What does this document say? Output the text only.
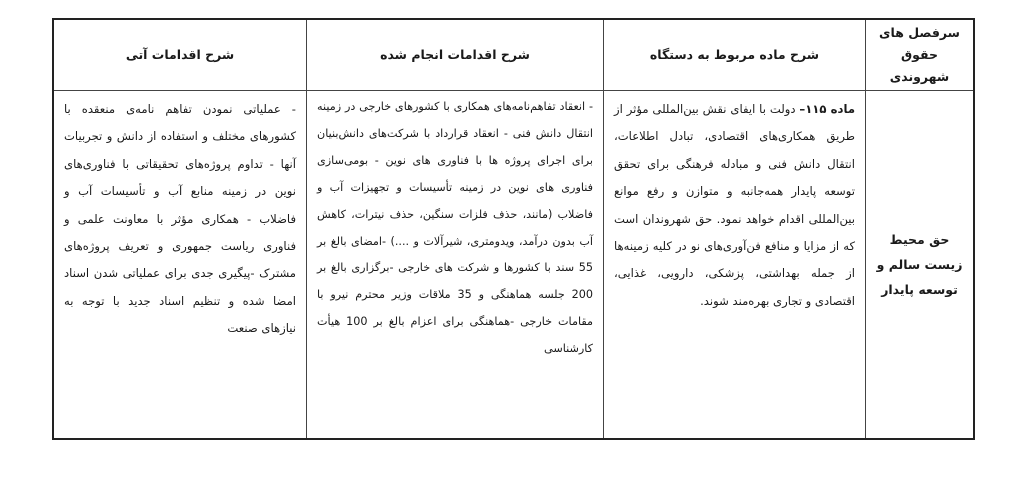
سرفصل های
حقوق شهروندی
شرح ماده مربوط به دستگاه
شرح اقدامات انجام شده
شرح اقدامات آتی
حق محیط
زیست سالم و
توسعه پایدار
ماده ۱۱۵– دولت با ایفای نقش بین‌المللی مؤثر از طریق همکاری‌های اقتصادی، تبادل اطلاعات، انتقال دانش فنی و مبادله فرهنگی برای تحقق توسعه پایدار همه‌جانبه و متوازن و رفع موانع بین‌المللی اقدام خواهد نمود. حق شهروندان است که از مزایا و منافع فن‌آوری‌های نو در کلیه زمینه‌ها از جمله بهداشتی، پزشکی، دارویی، غذایی، اقتصادی و تجاری بهره‌مند شوند.
- انعقاد تفاهم‌نامه‌های همکاری با کشورهای خارجی در زمینه انتقال دانش فنی - انعقاد قرارداد با شرکت‌های دانش‌بنیان برای اجرای پروژه ها با فناوری های نوین - بومی‌سازی فناوری های نوین در زمینه تأسیسات و تجهیزات آب و فاضلاب (مانند، حذف فلزات سنگین، حذف نیترات، کاهش آب بدون درآمد، ویدومتری، شیرآلات و ....) -امضای بالغ بر 55 سند با کشورها و شرکت های خارجی -برگزاری بالغ بر 200 جلسه هماهنگی و 35 ملاقات وزیر محترم نیرو با مقامات خارجی -هماهنگی برای اعزام بالغ بر 100 هیأت کارشناسی
- عملیاتی نمودن تفاهم نامه‌ی منعقده با کشورهای مختلف و استفاده از دانش و تجربیات آنها - تداوم پروژه‌های تحقیقاتی با فناوری‌های نوین در زمینه منابع آب و تأسیسات آب و فاضلاب - همکاری مؤثر با معاونت علمی و فناوری ریاست جمهوری و تعریف پروژه‌های مشترک -پیگیری جدی برای عملیاتی شدن اسناد امضا شده و تنظیم اسناد جدید با توجه به نیازهای صنعت
